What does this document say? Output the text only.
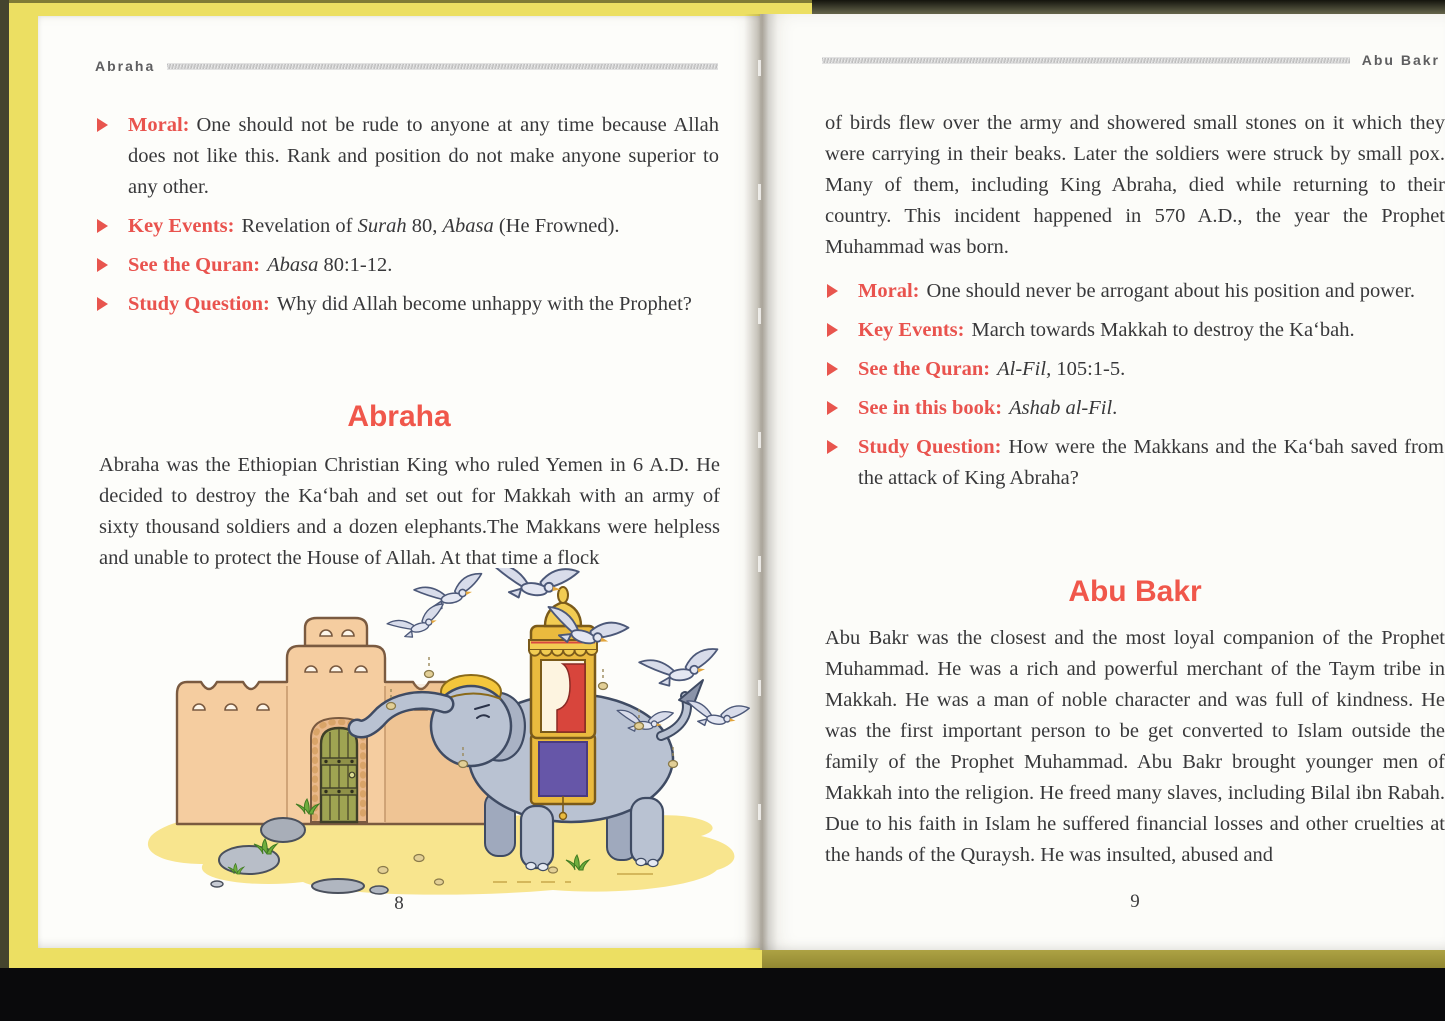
Abraha
Moral: One should not be rude to anyone at any time because Allah does not like this. Rank and position do not make anyone superior to any other.
Key Events: Revelation of Surah 80, Abasa (He Frowned).
See the Quran: Abasa 80:1-12.
Study Question: Why did Allah become unhappy with the Prophet?
Abraha
Abraha was the Ethiopian Christian King who ruled Yemen in 6 A.D. He decided to destroy the Ka‘bah and set out for Makkah with an army of sixty thousand soldiers and a dozen elephants.The Makkans were helpless and unable to protect the House of Allah. At that time a flock
8
Abu Bakr
of birds flew over the army and showered small stones on it which they were carrying in their beaks. Later the soldiers were struck by small pox. Many of them, including King Abraha, died while returning to their country. This incident happened in 570 A.D., the year the Prophet Muhammad was born.
Moral: One should never be arrogant about his position and power.
Key Events: March towards Makkah to destroy the Ka‘bah.
See the Quran: Al-Fil, 105:1-5.
See in this book: Ashab al-Fil.
Study Question: How were the Makkans and the Ka‘bah saved from the attack of King Abraha?
Abu Bakr
Abu Bakr was the closest and the most loyal companion of the Prophet Muhammad. He was a rich and powerful merchant of the Taym tribe in Makkah. He was a man of noble character and was full of kindness. He was the first important person to be get converted to Islam outside the family of the Prophet Muhammad. Abu Bakr brought younger men of Makkah into the religion. He freed many slaves, including Bilal ibn Rabah. Due to his faith in Islam he suffered financial losses and other cruelties at the hands of the Quraysh. He was insulted, abused and
9
